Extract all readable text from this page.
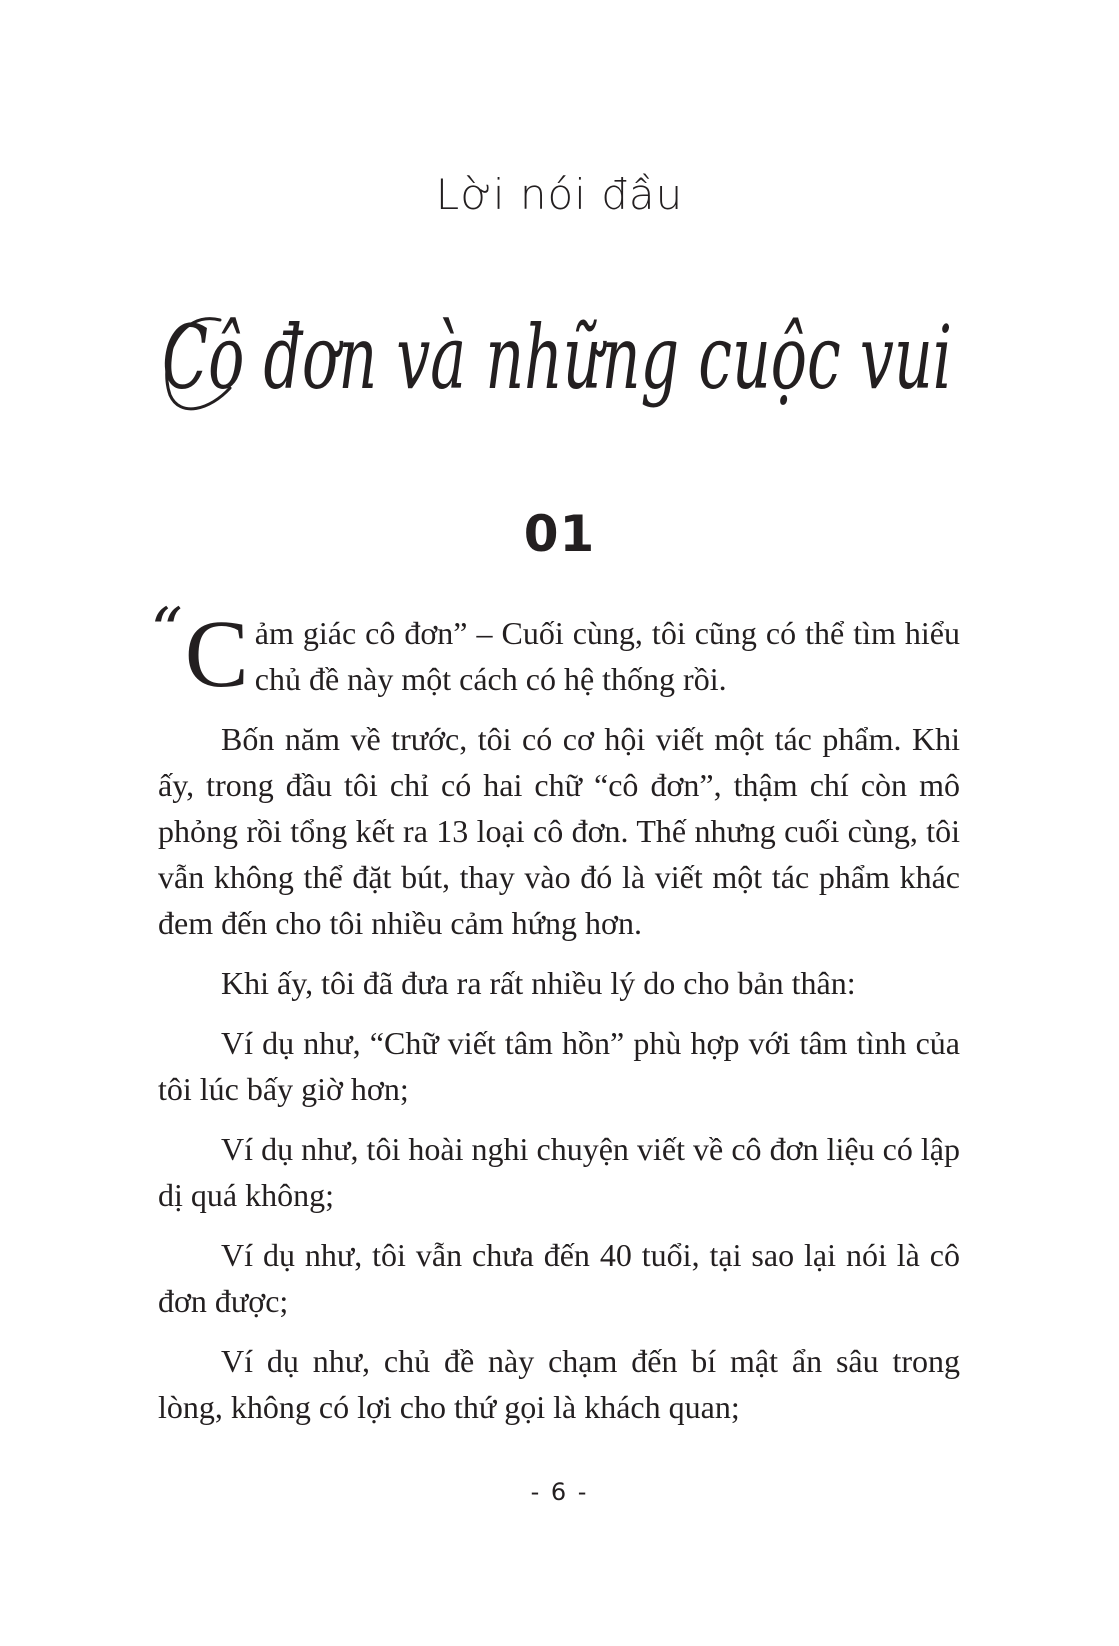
Lời nói đầu
Cô đơn và những cuộc vui
01

“ C ảm giác cô đơn” – Cuối cùng, tôi cũng có thể tìm hiểu chủ đề này một cách có hệ thống rồi.

Bốn năm về trước, tôi có cơ hội viết một tác phẩm. Khi ấy, trong đầu tôi chỉ có hai chữ “cô đơn”, thậm chí còn mô phỏng rồi tổng kết ra 13 loại cô đơn. Thế nhưng cuối cùng, tôi vẫn không thể đặt bút, thay vào đó là viết một tác phẩm khác đem đến cho tôi nhiều cảm hứng hơn.

Khi ấy, tôi đã đưa ra rất nhiều lý do cho bản thân:

Ví dụ như, “Chữ viết tâm hồn” phù hợp với tâm tình của tôi lúc bấy giờ hơn;

Ví dụ như, tôi hoài nghi chuyện viết về cô đơn liệu có lập dị quá không;

Ví dụ như, tôi vẫn chưa đến 40 tuổi, tại sao lại nói là cô đơn được;

Ví dụ như, chủ đề này chạm đến bí mật ẩn sâu trong lòng, không có lợi cho thứ gọi là khách quan;

- 6 -
